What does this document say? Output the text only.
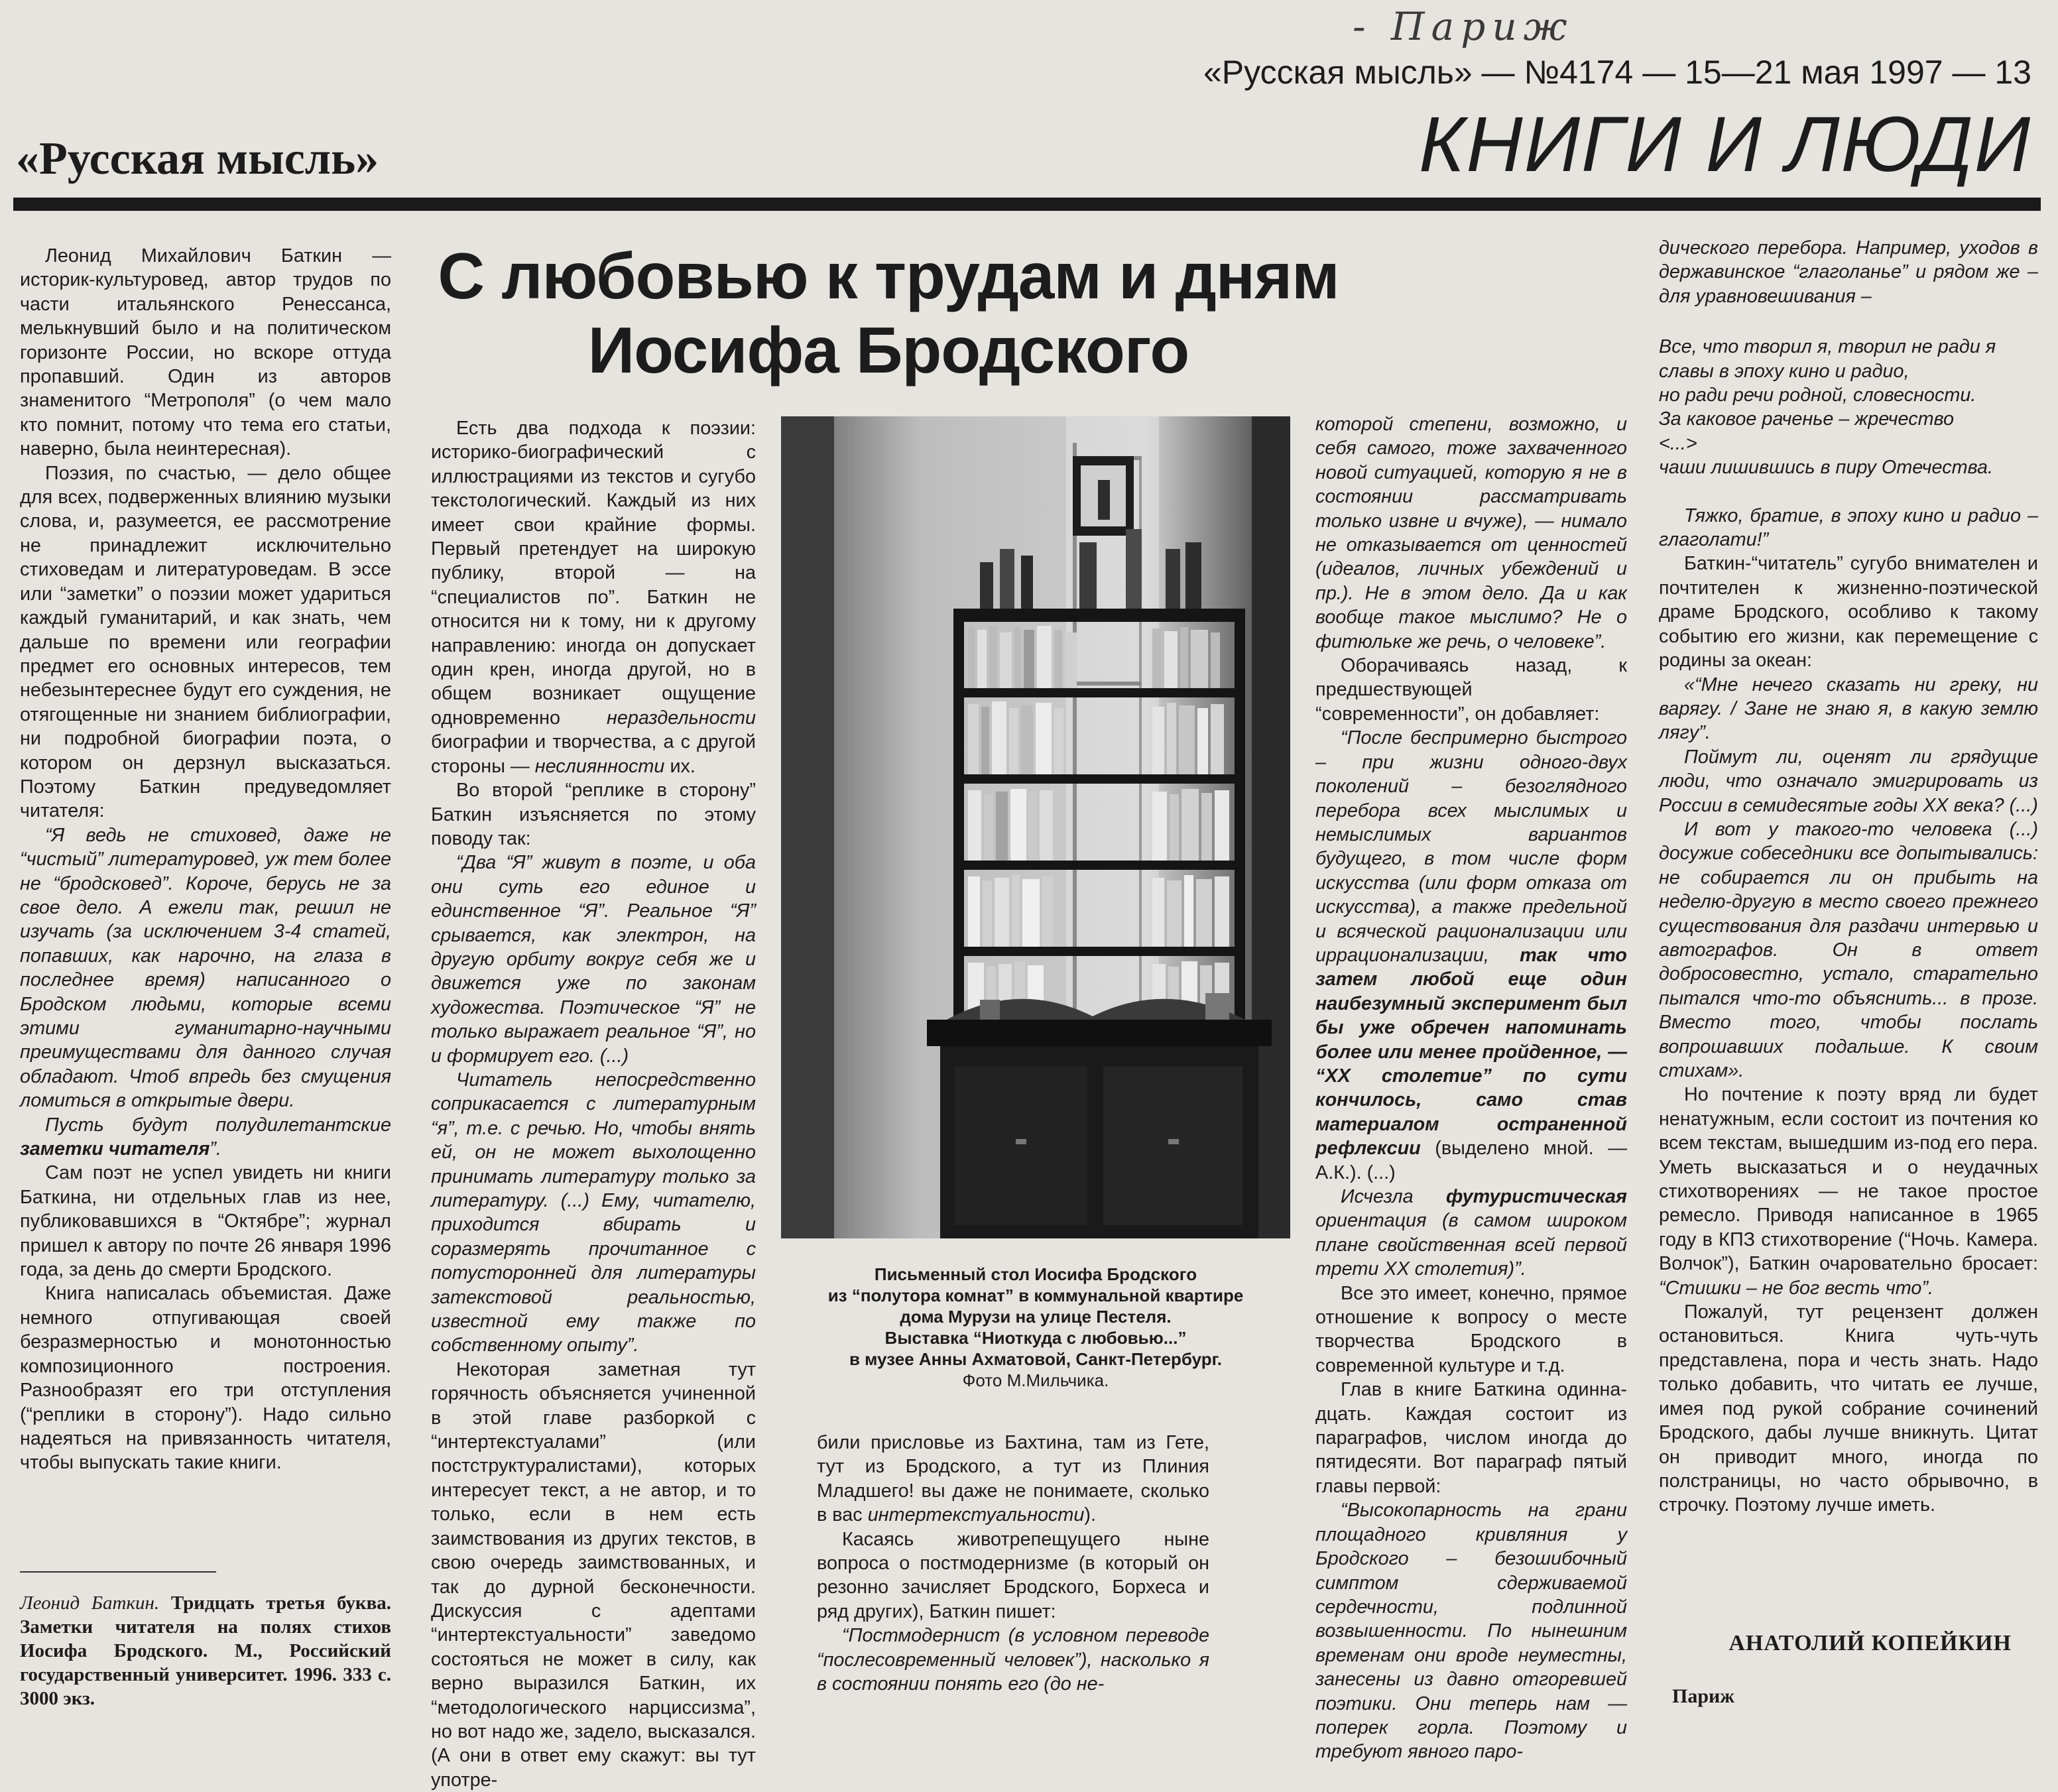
- Париж
«Русская мысль» — №4174 — 15—21 мая 1997 — 13
«Русская мысль»	КНИГИ И ЛЮДИ
С любовью к трудам и дням
Иосифа Бродского

Леонид Михайлович Баткин — историк-культуровед, автор трудов по части итальянского Ренессанса, мелькнувший было и на политическом горизонте России, но вскоре оттуда пропавший. Один из авторов знаменитого “Метрополя” (о чем мало кто помнит, потому что тема его статьи, наверно, была неинтересная).

Поэзия, по счастью, — дело общее для всех, подверженных влиянию музыки слова, и, разумеется, ее рассмотрение не принадлежит исключительно стиховедам и литературоведам. В эссе или “заметки” о поэзии может удариться каждый гуманитарий, и как знать, чем дальше по времени или географии предмет его основных интересов, тем небезынтереснее будут его суждения, не отягощенные ни знанием библиографии, ни подробной биографии поэта, о котором он дерзнул высказаться. Поэтому Баткин предуведомляет читателя:

“Я ведь не стиховед, даже не “чистый” литературовед, уж тем более не “бродсковед”. Короче, берусь не за свое дело. А ежели так, решил не изучать (за исключением 3-4 статей, попавших, как нарочно, на глаза в последнее время) написанного о Бродском людьми, которые всеми этими гуманитарно-научными преимуществами для данного случая обладают. Чтоб впредь без смущения ломиться в открытые двери.

Пусть будут полудилетантские заметки читателя”.

Сам поэт не успел увидеть ни книги Баткина, ни отдельных глав из нее, публиковавшихся в “Октябре”; журнал пришел к автору по почте 26 января 1996 года, за день до смерти Бродского.

Книга написалась объемистая. Даже немного отпугивающая своей безразмерностью и монотонностью композиционного построения. Разнообразят его три отступления (“реплики в сторону”). Надо сильно надеяться на привязанность читателя, чтобы выпускать такие книги.

Леонид Баткин. Тридцать третья буква. Заметки читателя на полях стихов Иосифа Бродского. М., Российский государственный университет. 1996. 333 с. 3000 экз.

Есть два подхода к поэзии: историко-биографический с иллюстрациями из текстов и сугубо текстологический. Каждый из них имеет свои крайние формы. Первый претендует на широкую публику, второй — на “специалистов по”. Баткин не относится ни к тому, ни к другому направлению: иногда он допускает один крен, иногда другой, но в общем возникает ощущение одновременно нераздельности биографии и творчества, а с другой стороны — неслиянности их.

Во второй “реплике в сторону” Баткин изъясняется по этому поводу так:

“Два “Я” живут в поэте, и оба они суть его единое и единственное “Я”. Реальное “Я” срывается, как электрон, на другую орбиту вокруг себя же и движется уже по законам художества. Поэтическое “Я” не только выражает реальное “Я”, но и формирует его. (...)

Читатель непосредственно соприкасается с литературным “я”, т.е. с речью. Но, чтобы внять ей, он не может выхолощенно принимать литературу только за литературу. (...) Ему, читателю, приходится вбирать и соразмерять прочитанное с потусторонней для литературы затекстовой реальностью, известной ему также по собственному опыту”.

Некоторая заметная тут горячность объясняется учиненной в этой главе разборкой с “интертекстуалами” (или постструктуралистами), которых интересует текст, а не автор, и то только, если в нем есть заимствования из других текстов, в свою очередь заимствованных, и так до дурной бесконечности. Дискуссия с адептами “интертекстуальности” заведомо состояться не может в силу, как верно выразился Баткин, их “методологического нарциссизма”, но вот надо же, задело, высказался. (А они в ответ ему скажут: вы тут употре-

Письменный стол Иосифа Бродского
из “полутора комнат” в коммунальной квартире
дома Мурузи на улице Пестеля.
Выставка “Ниоткуда с любовью...”
в музее Анны Ахматовой, Санкт-Петербург.
Фото М.Мильчика.

били присловье из Бахтина, там из Гете, тут из Бродского, а тут из Плиния Младшего! вы даже не понимаете, сколько в вас интертекстуальности).

Касаясь животрепещущего ныне вопроса о постмодернизме (в который он резонно зачисляет Бродского, Борхеса и ряд других), Баткин пишет:

“Постмодернист (в условном переводе “послесовременный человек”), насколько я в состоянии понять его (до не-

которой степени, возможно, и себя самого, тоже захваченного новой ситуацией, которую я не в состоянии рассматривать только извне и вчуже), — нимало не отказывается от ценностей (идеалов, личных убеждений и пр.). Не в этом дело. Да и как вообще такое мыслимо? Не о фитюльке же речь, о человеке”.

Оборачиваясь назад, к предшествующей “современности”, он добавляет:

“После беспримерно быстрого – при жизни одного-двух поколений – безоглядного перебора всех мыслимых и немыслимых вариантов будущего, в том числе форм искусства (или форм отказа от искусства), а также предельной и всяческой рационализации или иррационализации, так что затем любой еще один наибезумный эксперимент был бы уже обречен напоминать более или менее пройденное, — “XX столетие” по сути кончилось, само став материалом остраненной рефлексии (выделено мной. — А.К.). (...)

Исчезла футуристическая ориентация (в самом широком плане свойственная всей первой трети XX столетия)”.

Все это имеет, конечно, прямое отношение к вопросу о месте творчества Бродского в современной культуре и т.д.

Глав в книге Баткина одинна-дцать. Каждая состоит из параграфов, числом иногда до пятидесяти. Вот параграф пятый главы первой:

“Высокопарность на грани площадного кривляния у Бродского – безошибочный симптом сдерживаемой сердечности, подлинной возвышенности. По нынешним временам они вроде неуместны, занесены из давно отгоревшей поэтики. Они теперь нам — поперек горла. Поэтому и требуют явного паро-

дического перебора. Например, уходов в державинское “глаголанье” и рядом же – для уравновешивания –

Все, что творил я, творил не ради я
славы в эпоху кино и радио,
но ради речи родной, словесности.
За каковое раченье – жречество
<...>
чаши лишившись в пиру Отечества.

Тяжко, братие, в эпоху кино и радио – глаголати!”

Баткин-“читатель” сугубо внимателен и почтителен к жизненно-поэтической драме Бродского, особливо к такому событию его жизни, как перемещение с родины за океан:

«“Мне нечего сказать ни греку, ни варягу. / Зане не знаю я, в какую землю лягу”.

Поймут ли, оценят ли грядущие люди, что означало эмигрировать из России в семидесятые годы XX века? (...)

И вот у такого-то человека (...) досужие собеседники все допытывались: не собирается ли он прибыть на неделю-другую в место своего прежнего существования для раздачи интервью и автографов. Он в ответ добросовестно, устало, старательно пытался что-то объяснить... в прозе. Вместо того, чтобы послать вопрошавших подальше. К своим стихам».

Но почтение к поэту вряд ли будет ненатужным, если состоит из почтения ко всем текстам, вышедшим из-под его пера. Уметь высказаться и о неудачных стихотворениях — не такое простое ремесло. Приводя написанное в 1965 году в КПЗ стихотворение (“Ночь. Камера. Волчок”), Баткин очаровательно бросает: “Стишки – не бог весть что”.

Пожалуй, тут рецензент должен остановиться. Книга чуть-чуть представлена, пора и честь знать. Надо только добавить, что читать ее лучше, имея под рукой собрание сочинений Бродского, дабы лучше вникнуть. Цитат он приводит много, иногда по полстраницы, но часто обрывочно, в строчку. Поэтому лучше иметь.

АНАТОЛИЙ КОПЕЙКИН
Париж
